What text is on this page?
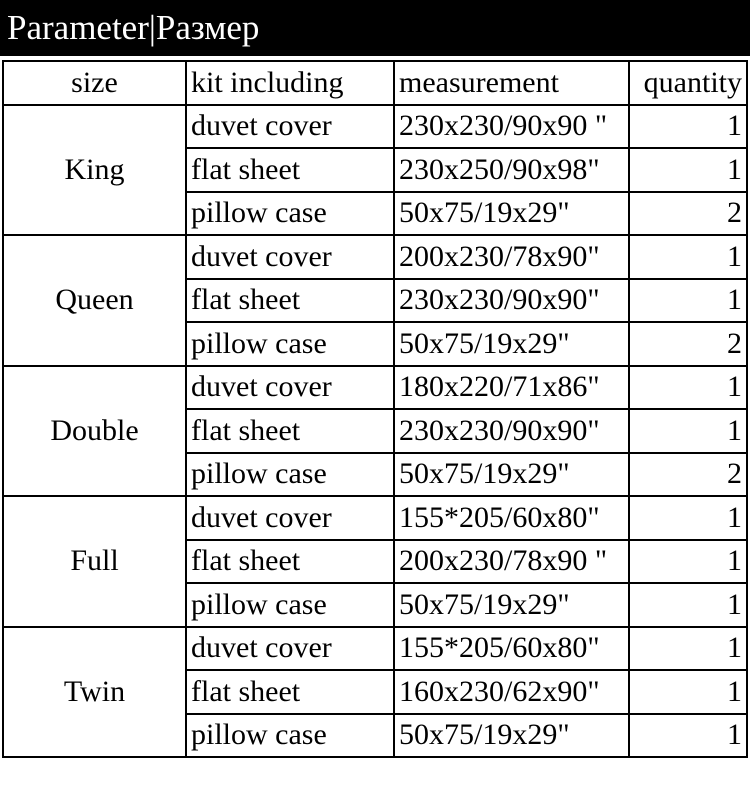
Parameter|Размер
size	kit including	measurement	quantity
King	duvet cover	230x230/90x90 "	1
	flat sheet	230x250/90x98"	1
	pillow case	50x75/19x29"	2
Queen	duvet cover	200x230/78x90"	1
	flat sheet	230x230/90x90"	1
	pillow case	50x75/19x29"	2
Double	duvet cover	180x220/71x86"	1
	flat sheet	230x230/90x90"	1
	pillow case	50x75/19x29"	2
Full	duvet cover	155*205/60x80"	1
	flat sheet	200x230/78x90 "	1
	pillow case	50x75/19x29"	1
Twin	duvet cover	155*205/60x80"	1
	flat sheet	160x230/62x90"	1
	pillow case	50x75/19x29"	1
